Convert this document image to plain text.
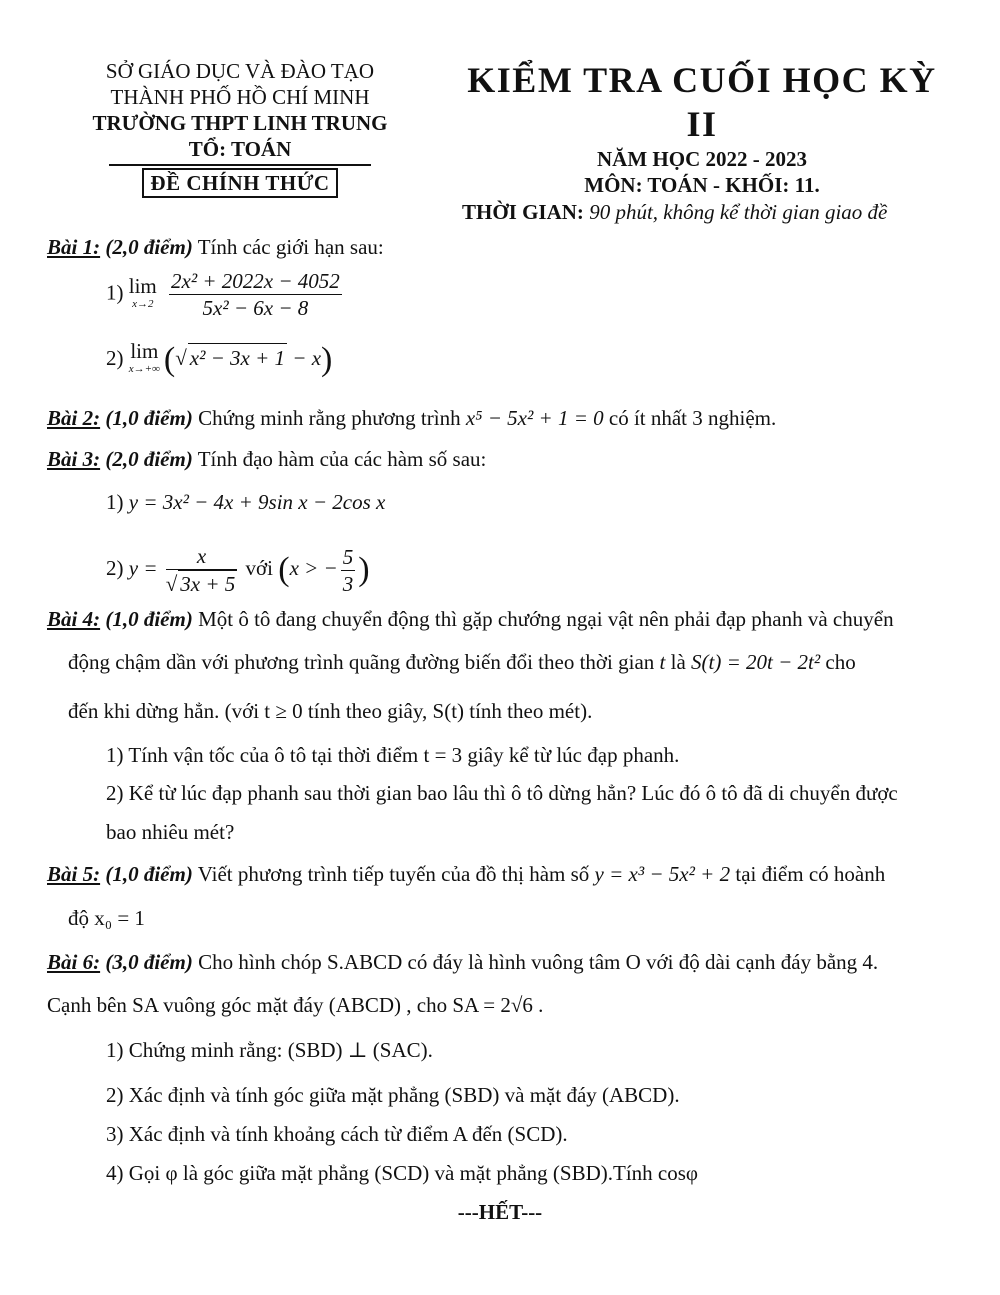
SỞ GIÁO DỤC VÀ ĐÀO TẠO
THÀNH PHỐ HỒ CHÍ MINH
TRƯỜNG THPT LINH TRUNG
TỔ: TOÁN
ĐỀ CHÍNH THỨC
KIỂM TRA CUỐI HỌC KỲ II
NĂM HỌC 2022 - 2023
MÔN: TOÁN - KHỐI: 11.
THỜI GIAN: 90 phút, không kể thời gian giao đề
Bài 1: (2,0 điểm) Tính các giới hạn sau:
1) lim
x→2
$\frac{\text{2x² + 2022x − 4052}}{\text{5x² − 6x − 8}}$
2) lim
x→+∞ (√ x² − 3x + 1 − x)
Bài 2: (1,0 điểm) Chứng minh rằng phương trình x⁵ − 5x² + 1 = 0 có ít nhất 3 nghiệm.
Bài 3: (2,0 điểm) Tính đạo hàm của các hàm số sau:
1) y = 3x² − 4x + 9sin x − 2cos x
2) $y = \frac{x}{√ 3x + 5}$ với (x > − $\frac{5}{3}$ )
Bài 4: (1,0 điểm) Một ô tô đang chuyển động thì gặp chướng ngại vật nên phải đạp phanh và chuyển
động chậm dần với phương trình quãng đường biến đổi theo thời gian t là S(t) = 20t − 2t² cho
đến khi dừng hẳn. (với t ≥ 0 tính theo giây, S(t) tính theo mét).
1) Tính vận tốc của ô tô tại thời điểm t = 3 giây kể từ lúc đạp phanh.
2) Kể từ lúc đạp phanh sau thời gian bao lâu thì ô tô dừng hẳn? Lúc đó ô tô đã di chuyển được
bao nhiêu mét?
Bài 5: (1,0 điểm) Viết phương trình tiếp tuyến của đồ thị hàm số y = x³ − 5x² + 2 tại điểm có hoành
độ x₀ = 1
Bài 6: (3,0 điểm) Cho hình chóp S.ABCD có đáy là hình vuông tâm O với độ dài cạnh đáy bằng 4.
Cạnh bên SA vuông góc mặt đáy (ABCD) , cho SA = 2√6 .
1) Chứng minh rằng: (SBD) ⊥ (SAC).
2) Xác định và tính góc giữa mặt phẳng (SBD) và mặt đáy (ABCD).
3) Xác định và tính khoảng cách từ điểm A đến (SCD).
4) Gọi φ là góc giữa mặt phẳng (SCD) và mặt phẳng (SBD).Tính cosφ
---HẾT---
